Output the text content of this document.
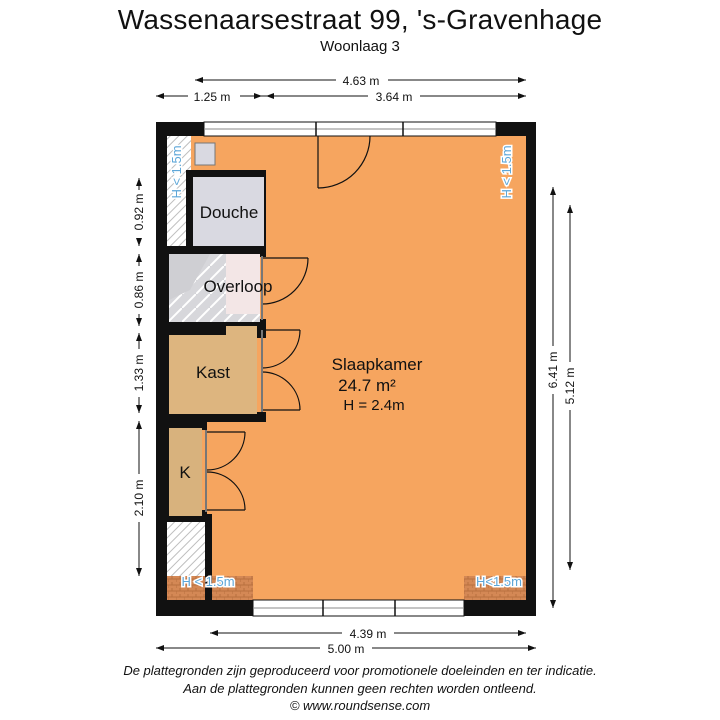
Wassenaarsestraat 99, 's-Gravenhage
Woonlaag 3
4.63 m
1.25 m	3.64 m
0.92 m
0.86 m
1.33 m
2.10 m
6.41 m 5.12 m
4.39 m
5.00 m
Douche
Overloop
Kast
K
Slaapkamer
24.7 m²
H = 2.4m
H < 1.5m	H < 1.5m
H < 1.5m	H<1.5m
De plattegronden zijn geproduceerd voor promotionele doeleinden en ter indicatie.
Aan de plattegronden kunnen geen rechten worden ontleend.
© www.roundsense.com
